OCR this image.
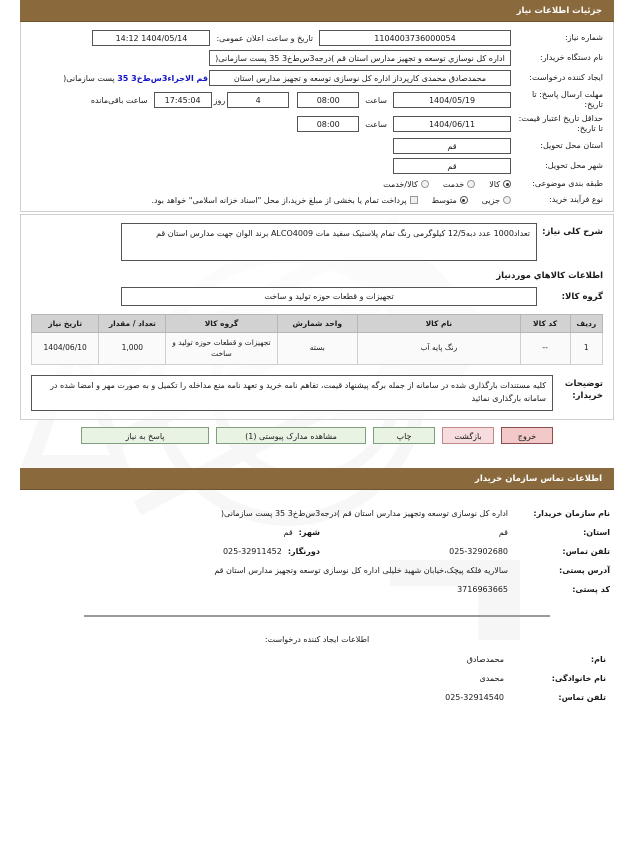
جزئیات اطلاعات نیاز
شماره نیاز:
1104003736000054
تاریخ و ساعت اعلان عمومی:
1404/05/14 14:12
نام دستگاه خریدار:
اداره کل نوسازي توسعه و تجهیز مدارس استان قم )درجه3س‌ط‌خ3 35 پست سازمانی(
ایجاد کننده درخواست:
محمدصادق محمدی کارپرداز اداره کل نوسازی توسعه و تجهیز مدارس استان
قم الاجراء3س‌ط‌خ3 35 پست سازمانی(
مهلت ارسال پاسخ: تا تاریخ:
1404/05/19
ساعت
08:00
4
روز
17:45:04
ساعت باقی‌مانده
حداقل تاریخ اعتبار قیمت: تا تاریخ:
1404/06/11
ساعت
08:00
استان محل تحویل:
قم
شهر محل تحویل:
قم
طبقه بندی موضوعی:
کالا
خدمت
کالا/خدمت
نوع فرآیند خرید:
جزیی
متوسط
پرداخت تمام یا بخشی از مبلغ خرید،از محل "اسناد خزانه اسلامی" خواهد بود.
شرح کلی نیاز:
تعداد1000 عدد دبه12/5 کیلوگرمی رنگ تمام پلاستیک سفید مات ALCO4009 برند الوان جهت مدارس استان قم
اطلاعات کالاهاي موردنياز
گروه کالا:
تجهیزات و قطعات حوزه تولید و ساخت
ردیف	کد کالا	نام کالا	واحد شمارش	گروه کالا	تعداد / مقدار	تاریخ نیاز
1	--	رنگ پایه آب	بسته	تجهیزات و قطعات حوزه تولید و ساخت	1,000	1404/06/10
توضیحات خریدار:
کلیه مستندات بارگذاری شده در سامانه از جمله برگه پیشنهاد قیمت، تفاهم نامه خرید و تعهد نامه منع مداخله را تکمیل و به صورت مهر و امضا شده در سامانه بارگذاری نمائید
خروج
بازگشت
چاپ
مشاهده مدارک پیوستی (1)
پاسخ به نیاز
اطلاعات تماس سازمان خریدار
نام سازمان خریدار:
اداره کل نوسازی توسعه وتجهیز مدارس استان قم )درجه3س‌ط‌خ3 35 پست سازمانی(
استان:
قم
شهر:
قم
تلفن تماس:
025-32902680
دورنگار:
025-32911452
آدرس پستی:
سالاریه فلکه پیچک،خیابان شهید خلیلی اداره کل نوسازی توسعه وتجهیز مدارس استان قم
کد پستی:
3716963665
اطلاعات ایجاد کننده درخواست:
نام:
محمدصادق
نام خانوادگی:
محمدی
تلفن تماس:
025-32914540
